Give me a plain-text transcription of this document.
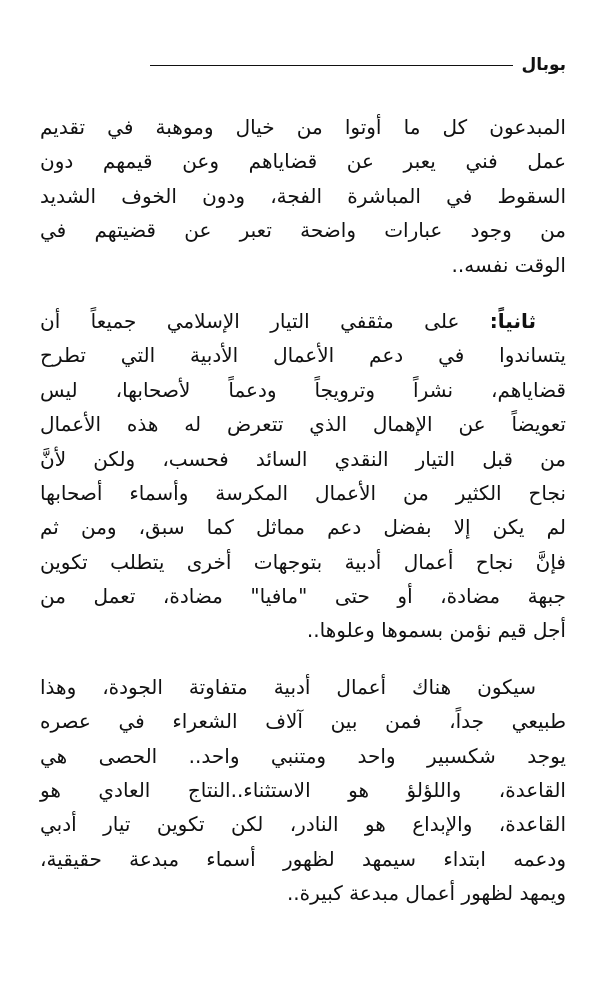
بوبال
المبدعون كل ما أوتوا من خيال وموهبة في تقديم
عمل فني يعبر عن قضاياهم وعن قيمهم دون
السقوط في المباشرة الفجة، ودون الخوف الشديد
من وجود عبارات واضحة تعبر عن قضيتهم في
الوقت نفسه..
ثانياً: على مثقفي التيار الإسلامي جميعاً أن
يتساندوا في دعم الأعمال الأدبية التي تطرح
قضاياهم، نشراً وترويجاً ودعماً لأصحابها، ليس
تعويضاً عن الإهمال الذي تتعرض له هذه الأعمال
من قبل التيار النقدي السائد فحسب، ولكن لأنَّ
نجاح الكثير من الأعمال المكرسة وأسماء أصحابها
لم يكن إلا بفضل دعم مماثل كما سبق، ومن ثم
فإنَّ نجاح أعمال أدبية بتوجهات أخرى يتطلب تكوين
جبهة مضادة، أو حتى "مافيا" مضادة، تعمل من
أجل قيم نؤمن بسموها وعلوها..
سيكون هناك أعمال أدبية متفاوتة الجودة، وهذا
طبيعي جداً، فمن بين آلاف الشعراء في عصره
يوجد شكسبير واحد ومتنبي واحد.. الحصى هي
القاعدة، واللؤلؤ هو الاستثناء..النتاج العادي هو
القاعدة، والإبداع هو النادر، لكن تكوين تيار أدبي
ودعمه ابتداء سيمهد لظهور أسماء مبدعة حقيقية،
ويمهد لظهور أعمال مبدعة كبيرة..
